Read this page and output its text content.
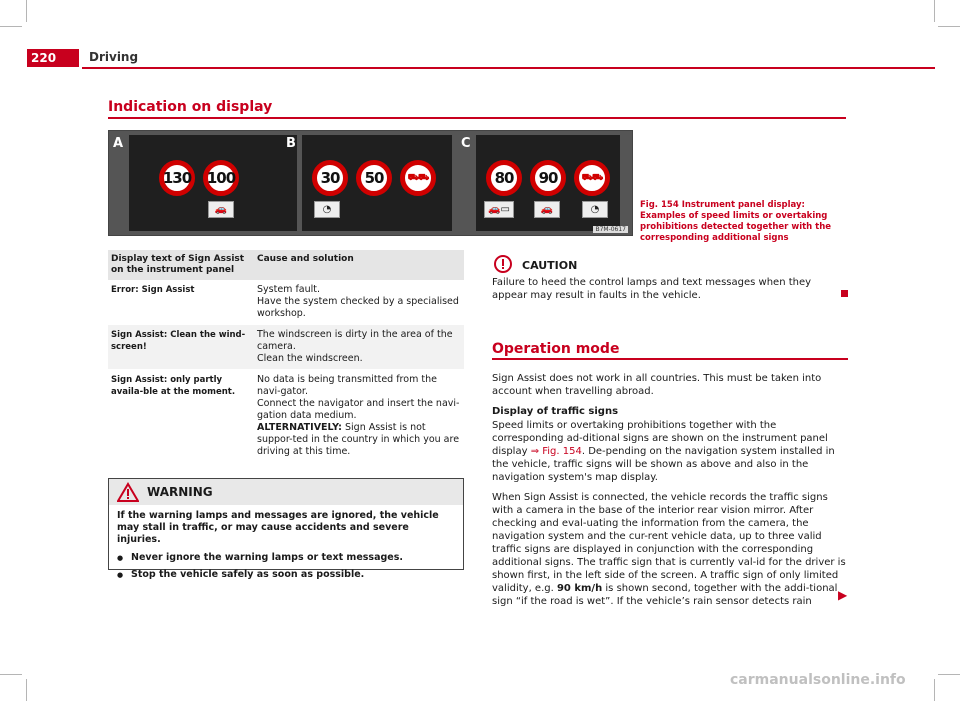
220	Driving
Indication on display
A
130 100
🚗
B
30	50	⛟⛟
◔
C
80	90	⛟⛟
🚗▭	🚗	◔
B7M-0617
Fig. 154 Instrument panel display: Examples of speed limits or overtaking prohibitions detected together with the corresponding additional signs
Display text of Sign Assist on the instrument panel	Cause and solution
Error: Sign Assist	System fault.
Have the system checked by a specialised workshop.

Sign Assist: Clean the wind-screen!	The windscreen is dirty in the area of the camera.
Clean the windscreen.

Sign Assist: only partly availa-ble at the moment.	No data is being transmitted from the navi-gator.
Connect the navigator and insert the navi-gation data medium.
ALTERNATIVELY: Sign Assist is not suppor-ted in the country in which you are driving at this time.
WARNING

If the warning lamps and messages are ignored, the vehicle may stall in traffic, or may cause accidents and severe injuries.

● Never ignore the warning lamps or text messages.
● Stop the vehicle safely as soon as possible.
CAUTION

Failure to heed the control lamps and text messages when they appear may result in faults in the vehicle.

Operation mode

Sign Assist does not work in all countries. This must be taken into account when travelling abroad.

Display of traffic signs

Speed limits or overtaking prohibitions together with the corresponding ad-ditional signs are shown on the instrument panel display ⇒ Fig. 154. De-pending on the navigation system installed in the vehicle, traffic signs will be shown as above and also in the navigation system's map display.

When Sign Assist is connected, the vehicle records the traffic signs with a camera in the base of the interior rear vision mirror. After checking and eval-uating the information from the camera, the navigation system and the cur-rent vehicle data, up to three valid traffic signs are displayed in conjunction with the corresponding additional signs. The traffic sign that is currently val-id for the driver is shown first, in the left side of the screen. A traffic sign of only limited validity, e.g. 90 km/h is shown second, together with the addi-tional sign “if the road is wet”. If the vehicle’s rain sensor detects rain	▶
carmanualsonline.info
